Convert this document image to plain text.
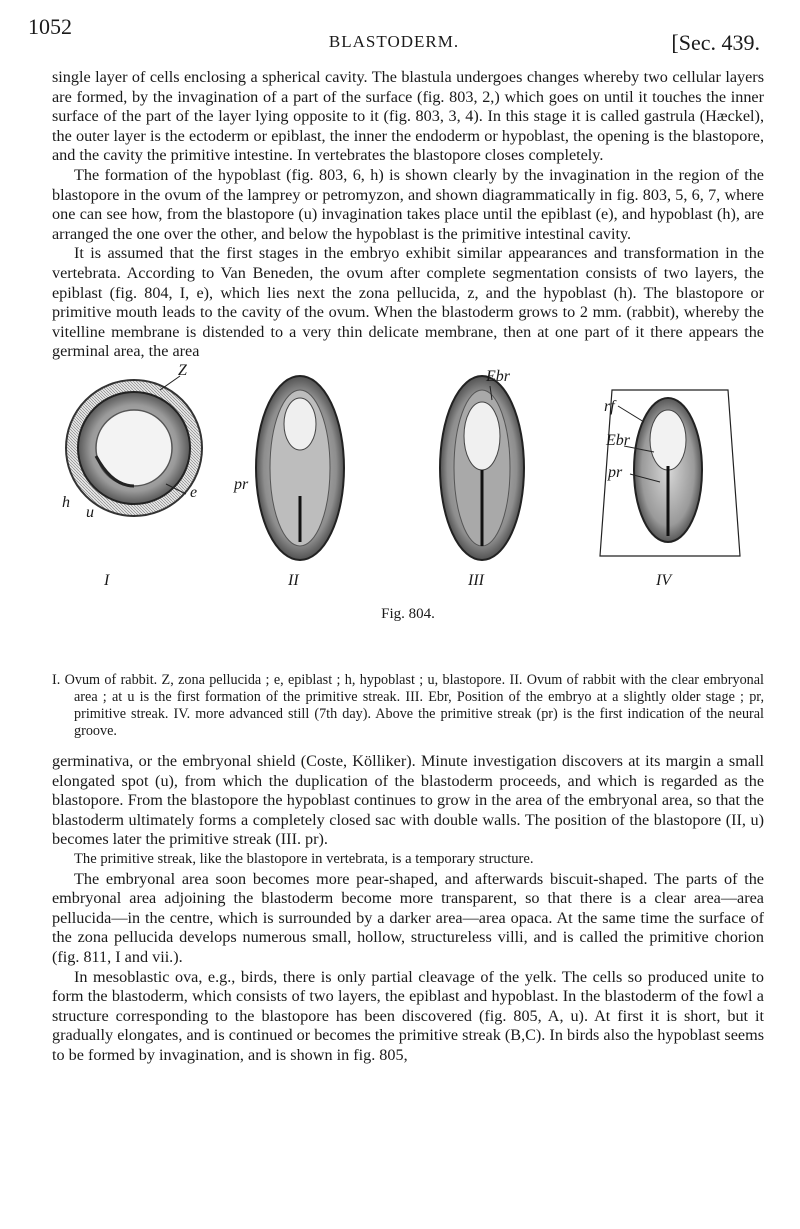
1052
BLASTODERM.	[Sec. 439.

single layer of cells enclosing a spherical cavity. The blastula undergoes changes whereby two cellular layers are formed, by the invagination of a part of the surface (fig. 803, 2,) which goes on until it touches the inner surface of the part of the layer lying opposite to it (fig. 803, 3, 4). In this stage it is called gastrula (Hæckel), the outer layer is the ectoderm or epiblast, the inner the endoderm or hypoblast, the opening is the blastopore, and the cavity the primitive intestine. In vertebrates the blastopore closes completely.

The formation of the hypoblast (fig. 803, 6, h) is shown clearly by the invagination in the region of the blastopore in the ovum of the lamprey or petromyzon, and shown diagrammatically in fig. 803, 5, 6, 7, where one can see how, from the blastopore (u) invagination takes place until the epiblast (e), and hypoblast (h), are arranged the one over the other, and below the hypoblast is the primitive intestinal cavity.

It is assumed that the first stages in the embryo exhibit similar appearances and transformation in the vertebrata. According to Van Beneden, the ovum after complete segmentation consists of two layers, the epiblast (fig. 804, I, e), which lies next the zona pellucida, z, and the hypoblast (h). The blastopore or primitive mouth leads to the cavity of the ovum. When the blastoderm grows to 2 mm. (rabbit), whereby the vitelline membrane is distended to a very thin delicate membrane, then at one part of it there appears the germinal area, the area

Z
e
h
u
pr
Ebr
rf
Ebr
pr
I	II	III	IV
Fig. 804.

I. Ovum of rabbit. Z, zona pellucida ; e, epiblast ; h, hypoblast ; u, blastopore. II. Ovum of rabbit with the clear embryonal area ; at u is the first formation of the primitive streak. III. Ebr, Position of the embryo at a slightly older stage ; pr, primitive streak. IV. more advanced still (7th day). Above the primitive streak (pr) is the first indication of the neural groove.

germinativa, or the embryonal shield (Coste, Kölliker). Minute investigation discovers at its margin a small elongated spot (u), from which the duplication of the blastoderm proceeds, and which is regarded as the blastopore. From the blastopore the hypoblast continues to grow in the area of the embryonal area, so that the blastoderm ultimately forms a completely closed sac with double walls. The position of the blastopore (II, u) becomes later the primitive streak (III. pr).

The primitive streak, like the blastopore in vertebrata, is a temporary structure.

The embryonal area soon becomes more pear-shaped, and afterwards biscuit-shaped. The parts of the embryonal area adjoining the blastoderm become more transparent, so that there is a clear area—area pellucida—in the centre, which is surrounded by a darker area—area opaca. At the same time the surface of the zona pellucida develops numerous small, hollow, structureless villi, and is called the primitive chorion (fig. 811, I and vii.).

In mesoblastic ova, e.g., birds, there is only partial cleavage of the yelk. The cells so produced unite to form the blastoderm, which consists of two layers, the epiblast and hypoblast. In the blastoderm of the fowl a structure corresponding to the blastopore has been discovered (fig. 805, A, u). At first it is short, but it gradually elongates, and is continued or becomes the primitive streak (B,C). In birds also the hypoblast seems to be formed by invagination, and is shown in fig. 805,
